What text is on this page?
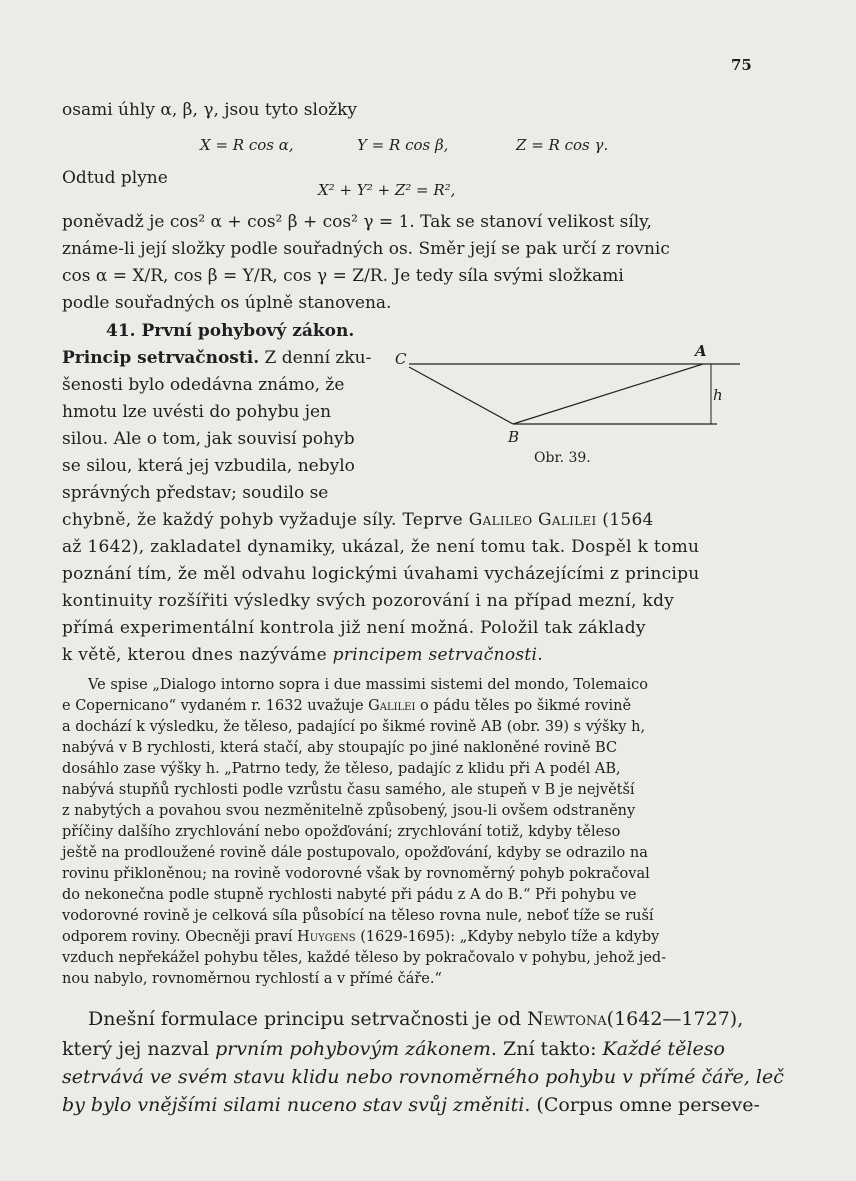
75
osami úhly α, β, γ, jsou tyto složky
X = R cos α,	Y = R cos β,	Z = R cos γ.
Odtud plyne
X² + Y² + Z² = R²,
poněvadž je cos² α + cos² β + cos² γ = 1. Tak se stanoví velikost síly,
známe-li její složky podle souřadných os. Směr její se pak určí z rovnic
cos α = X/R, cos β = Y/R, cos γ = Z/R. Je tedy síla svými složkami
podle souřadných os úplně stanovena.
41. První pohybový zákon.
Princip setrvačnosti. Z denní zku-
šenosti bylo odedávna známo, že
hmotu lze uvésti do pohybu jen
silou. Ale o tom, jak souvisí pohyb
se silou, která jej vzbudila, nebylo
správných představ; soudilo se
C	A
h
B
Obr. 39.
chybně, že každý pohyb vyžaduje síly. Teprve Galileo Galilei (1564
až 1642), zakladatel dynamiky, ukázal, že není tomu tak. Dospěl k tomu
poznání tím, že měl odvahu logickými úvahami vycházejícími z principu
kontinuity rozšířiti výsledky svých pozorování i na případ mezní, kdy
přímá experimentální kontrola již není možná. Položil tak základy
k větě, kterou dnes nazýváme principem setrvačnosti.
Ve spise „Dialogo intorno sopra i due massimi sistemi del mondo, Tolemaico
e Copernicano“ vydaném r. 1632 uvažuje Galilei o pádu těles po šikmé rovině
a dochází k výsledku, že těleso, padající po šikmé rovině AB (obr. 39) s výšky h,
nabývá v B rychlosti, která stačí, aby stoupajíc po jiné nakloněné rovině BC
dosáhlo zase výšky h. „Patrno tedy, že těleso, padajíc z klidu při A podél AB,
nabývá stupňů rychlosti podle vzrůstu času samého, ale stupeň v B je největší
z nabytých a povahou svou nezměnitelně způsobený, jsou-li ovšem odstraněny
příčiny dalšího zrychlování nebo opožďování; zrychlování totiž, kdyby těleso
ještě na prodloužené rovině dále postupovalo, opožďování, kdyby se odrazilo na
rovinu přikloněnou; na rovině vodorovné však by rovnoměrný pohyb pokračoval
do nekonečna podle stupně rychlosti nabyté při pádu z A do B.“ Při pohybu ve
vodorovné rovině je celková síla působící na těleso rovna nule, neboť tíže se ruší
odporem roviny. Obecněji praví Huygens (1629-1695): „Kdyby nebylo tíže a kdyby
vzduch nepřekážel pohybu těles, každé těleso by pokračovalo v pohybu, jehož jed-
nou nabylo, rovnoměrnou rychlostí a v přímé čáře.“
Dnešní formulace principu setrvačnosti je od Newtona(1642—1727),
který jej nazval prvním pohybovým zákonem. Zní takto: Každé těleso
setrvává ve svém stavu klidu nebo rovnoměrného pohybu v přímé čáře, leč
by bylo vnějšími silami nuceno stav svůj změniti. (Corpus omne perseve-
